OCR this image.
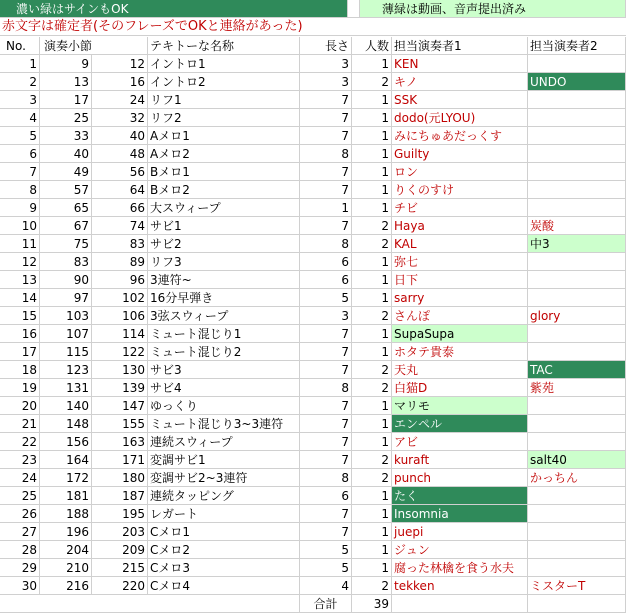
濃い緑はサインもOK	薄緑は動画、音声提出済み
赤文字は確定者(そのフレーズでOKと連絡があった)
No.	演奏小節	テキトーな名称	長さ	人数 担当演奏者1	担当演奏者2
1	9	12 イントロ1	3	1 KEN
2	13	16 イントロ2	3	2 キノ	UNDO
3	17	24 リフ1	7	1 SSK
4	25	32 リフ2	7	1 dodo(元LYOU)
5	33	40 Aメロ1	7	1 みにちゅあだっくす
6	40	48 Aメロ2	8	1 Guilty
7	49	56 Bメロ1	7	1 ロン
8	57	64 Bメロ2	7	1 りくのすけ
9	65	66 大スウィープ	1	1 チビ
10	67	74 サビ1	7	2 Haya	炭酸
11	75	83 サビ2	8	2 KAL	中3
12	83	89 リフ3	6	1 弥七
13	90	96 3連符~	6	1 日下
14	97	102 16分早弾き	5	1 sarry
15	103	106 3弦スウィープ	3	2 さんぽ	glory
16	107	114 ミュート混じり1	7	1 SupaSupa
17	115	122 ミュート混じり2	7	1 ホタテ貴泰
18	123	130 サビ3	7	2 天丸	TAC
19	131	139 サビ4	8	2 白猫D	紫苑
20	140	147 ゆっくり	7	1 マリモ
21	148	155 ミュート混じり3~3連符	7	1 エンペル
22	156	163 連続スウィープ	7	1 アビ
23	164	171 変調サビ1	7	2 kuraft	salt40
24	172	180 変調サビ2~3連符	8	2 punch	かっちん
25	181	187 連続タッピング	6	1 たく
26	188	195 レガート	7	1 Insomnia
27	196	203 Cメロ1	7	1 juepi
28	204	209 Cメロ2	5	1 ジュン
29	210	215 Cメロ3	5	1 腐った林檎を食う水夫
30	216	220 Cメロ4	4	2 tekken	ミスターT
合計	39
